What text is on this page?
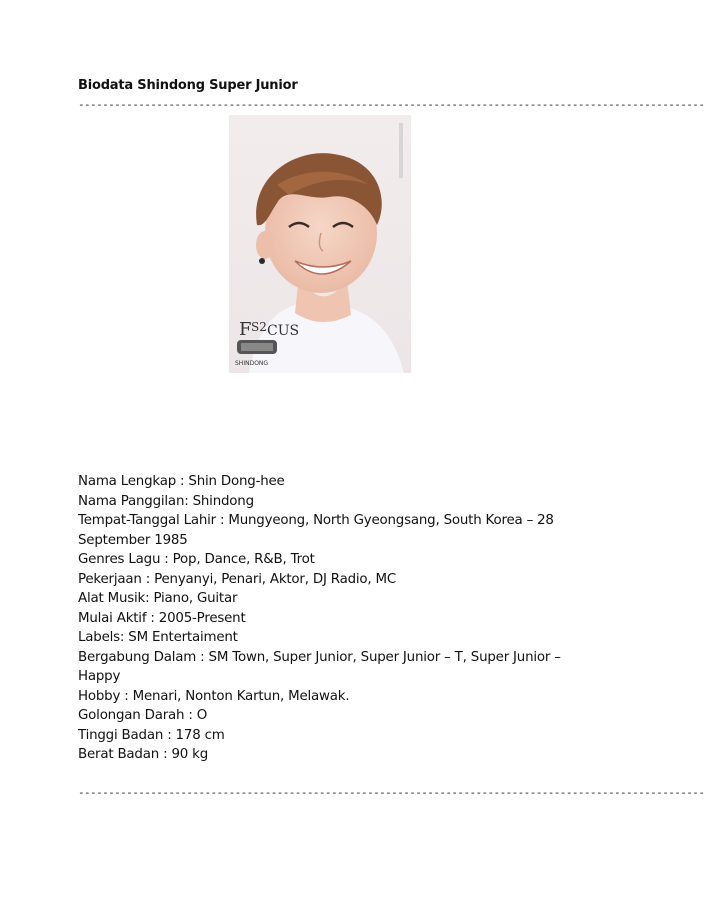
Biodata Shindong Super Junior
--------------------------------------------------------------------------------------------------------
F S2 CUS
SHINDONG
Nama Lengkap : Shin Dong-hee
Nama Panggilan: Shindong
Tempat-Tanggal Lahir : Mungyeong, North Gyeongsang, South Korea – 28 September 1985
Genres Lagu : Pop, Dance, R&B, Trot
Pekerjaan : Penyanyi, Penari, Aktor, DJ Radio, MC
Alat Musik: Piano, Guitar
Mulai Aktif : 2005-Present
Labels: SM Entertaiment
Bergabung Dalam : SM Town, Super Junior, Super Junior – T, Super Junior – Happy
Hobby : Menari, Nonton Kartun, Melawak.
Golongan Darah : O
Tinggi Badan : 178 cm
Berat Badan : 90 kg
--------------------------------------------------------------------------------------------------------
